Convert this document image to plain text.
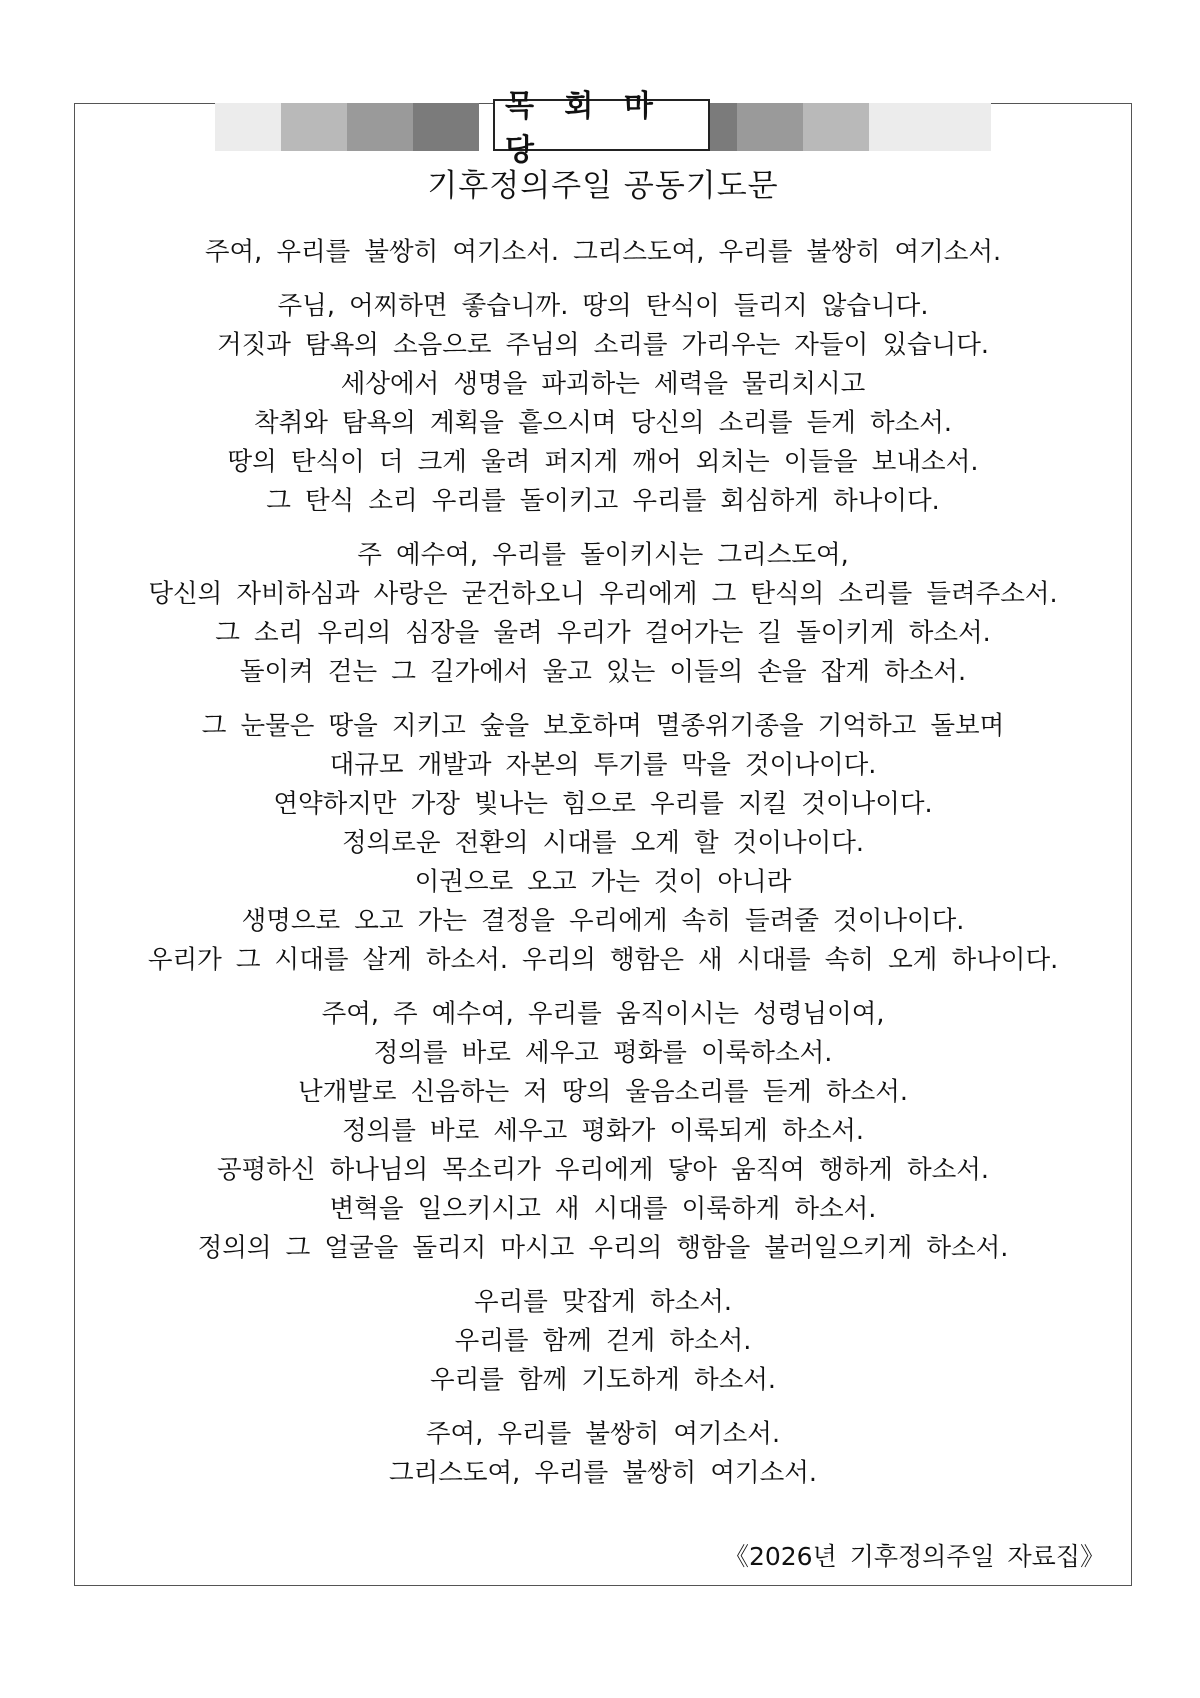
목 회 마 당
기후정의주일 공동기도문
주여, 우리를 불쌍히 여기소서. 그리스도여, 우리를 불쌍히 여기소서.
주님, 어찌하면 좋습니까. 땅의 탄식이 들리지 않습니다.
거짓과 탐욕의 소음으로 주님의 소리를 가리우는 자들이 있습니다.
세상에서 생명을 파괴하는 세력을 물리치시고
착취와 탐욕의 계획을 흩으시며 당신의 소리를 듣게 하소서.
땅의 탄식이 더 크게 울려 퍼지게 깨어 외치는 이들을 보내소서.
그 탄식 소리 우리를 돌이키고 우리를 회심하게 하나이다.
주 예수여, 우리를 돌이키시는 그리스도여,
당신의 자비하심과 사랑은 굳건하오니 우리에게 그 탄식의 소리를 들려주소서.
그 소리 우리의 심장을 울려 우리가 걸어가는 길 돌이키게 하소서.
돌이켜 걷는 그 길가에서 울고 있는 이들의 손을 잡게 하소서.
그 눈물은 땅을 지키고 숲을 보호하며 멸종위기종을 기억하고 돌보며
대규모 개발과 자본의 투기를 막을 것이나이다.
연약하지만 가장 빛나는 힘으로 우리를 지킬 것이나이다.
정의로운 전환의 시대를 오게 할 것이나이다.
이권으로 오고 가는 것이 아니라
생명으로 오고 가는 결정을 우리에게 속히 들려줄 것이나이다.
우리가 그 시대를 살게 하소서. 우리의 행함은 새 시대를 속히 오게 하나이다.
주여, 주 예수여, 우리를 움직이시는 성령님이여,
정의를 바로 세우고 평화를 이룩하소서.
난개발로 신음하는 저 땅의 울음소리를 듣게 하소서.
정의를 바로 세우고 평화가 이룩되게 하소서.
공평하신 하나님의 목소리가 우리에게 닿아 움직여 행하게 하소서.
변혁을 일으키시고 새 시대를 이룩하게 하소서.
정의의 그 얼굴을 돌리지 마시고 우리의 행함을 불러일으키게 하소서.
우리를 맞잡게 하소서.
우리를 함께 걷게 하소서.
우리를 함께 기도하게 하소서.
주여, 우리를 불쌍히 여기소서.
그리스도여, 우리를 불쌍히 여기소서.
《2026년 기후정의주일 자료집》
